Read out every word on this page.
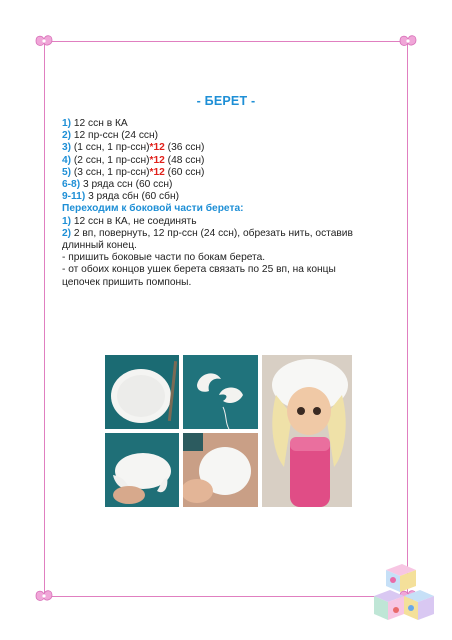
- БЕРЕТ -
1) 12 ссн в КА
2) 12 пр-ссн (24 ссн)
3) (1 ссн, 1 пр-ссн)*12 (36 ссн)
4) (2 ссн, 1 пр-ссн)*12 (48 ссн)
5) (3 ссн, 1 пр-ссн)*12 (60 ссн)
6-8) 3 ряда ссн (60 ссн)
9-11) 3 ряда сбн (60 сбн)
Переходим к боковой части берета:
1) 12 ссн в КА, не соединять
2) 2 вп, повернуть, 12 пр-ссн (24 ссн), обрезать нить, оставив
длинный конец.
- пришить боковые части по бокам берета.
- от обоих концов ушек берета связать по 25 вп, на концы
цепочек пришить помпоны.
